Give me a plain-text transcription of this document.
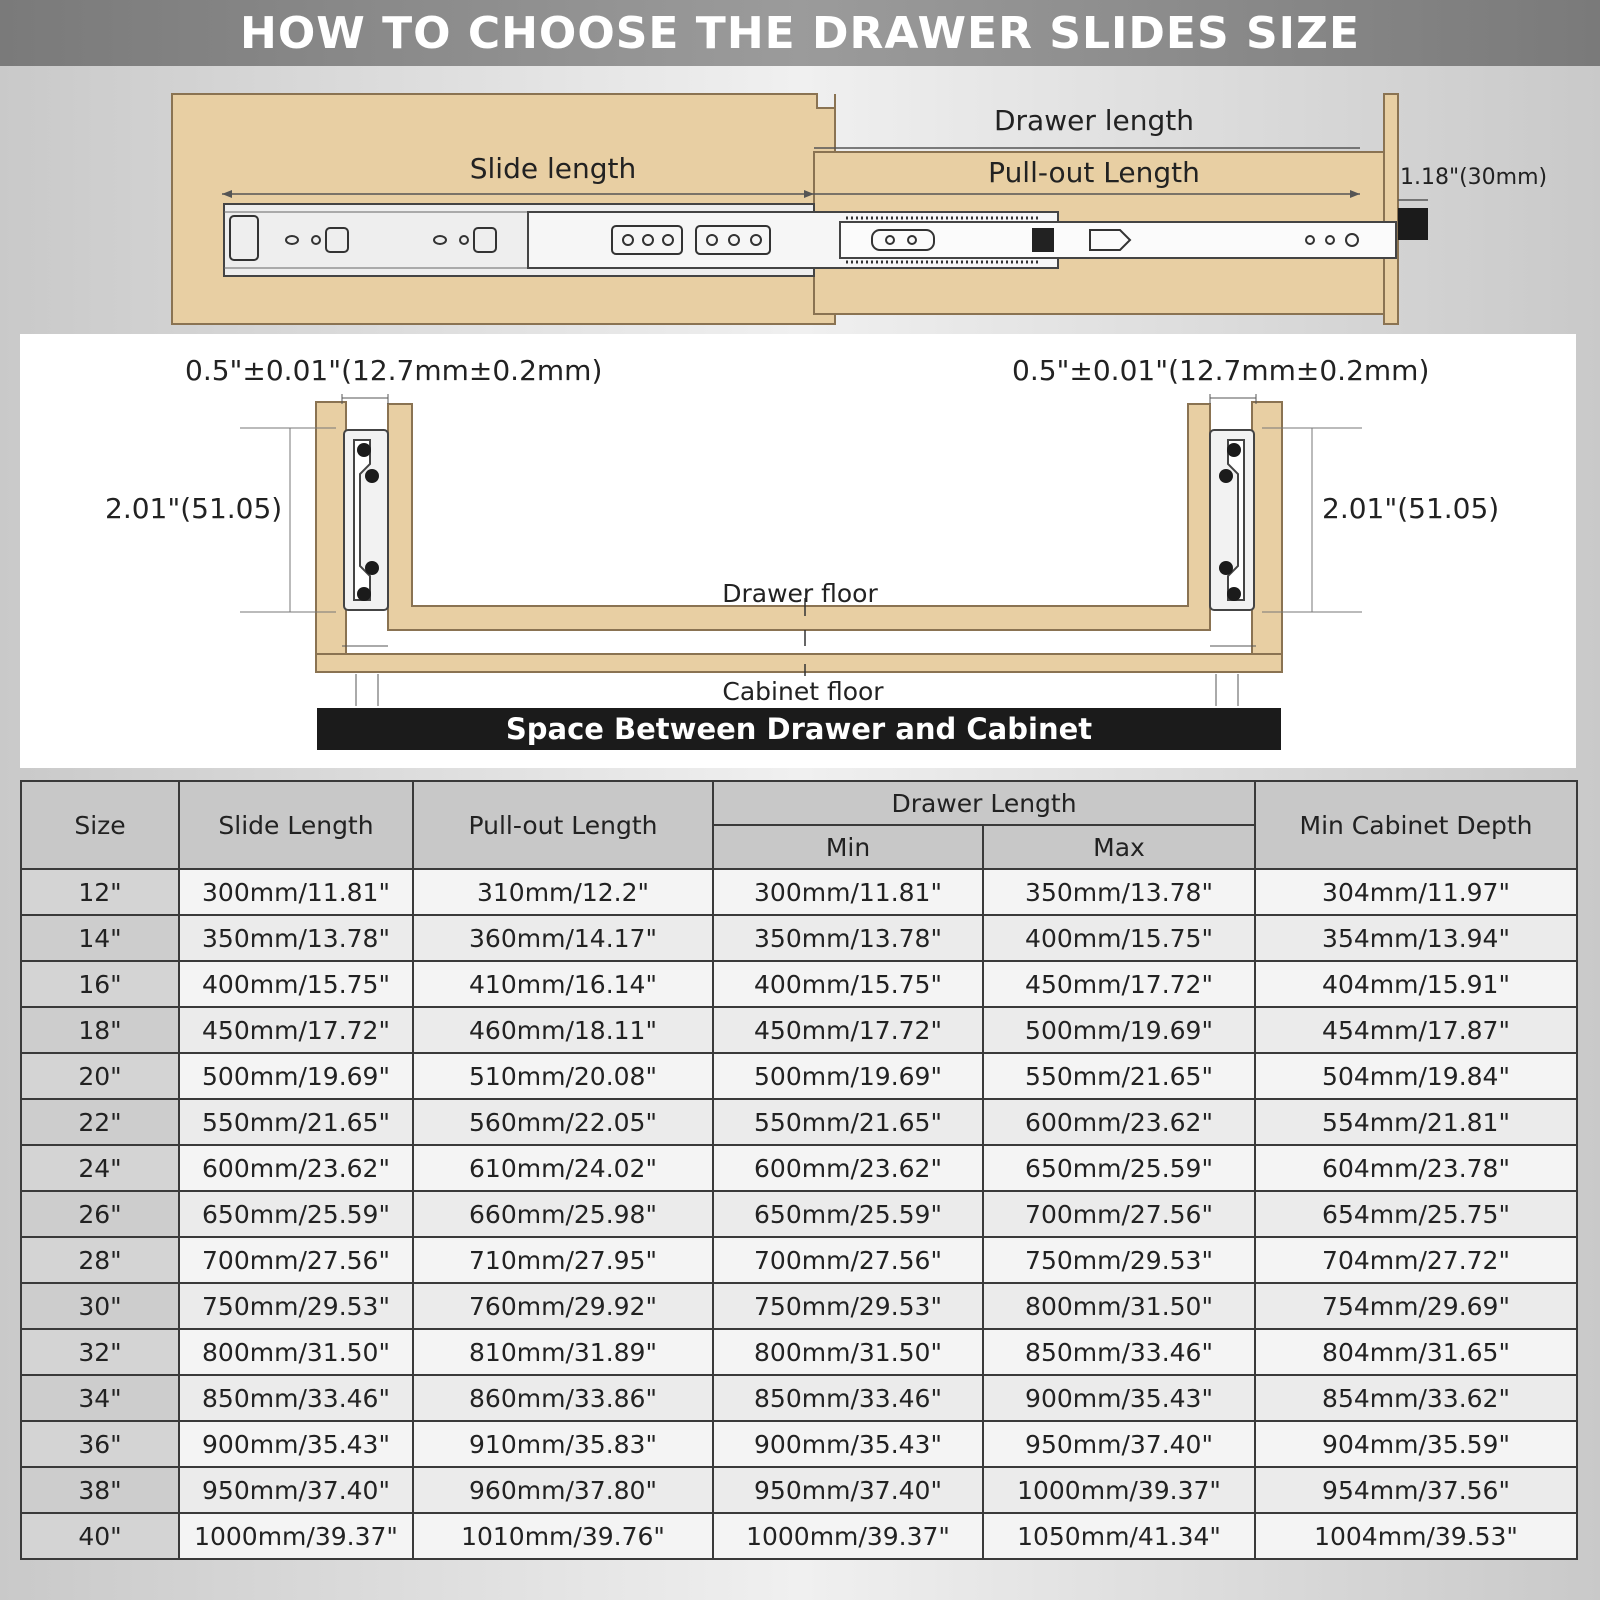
HOW TO CHOOSE THE DRAWER SLIDES SIZE
Drawer length
Slide length	Pull-out Length	1.18"(30mm)
0.5"±0.01"(12.7mm±0.2mm)	0.5"±0.01"(12.7mm±0.2mm)
2.01"(51.05)	2.01"(51.05)
Drawer floor
Cabinet floor
Space Between Drawer and Cabinet
Size	Slide Length	Pull-out Length	Drawer Length		Min Cabinet Depth
			Min	Max	
12"	300mm/11.81"	310mm/12.2"	300mm/11.81"	350mm/13.78"	304mm/11.97"
14"	350mm/13.78"	360mm/14.17"	350mm/13.78"	400mm/15.75"	354mm/13.94"
16"	400mm/15.75"	410mm/16.14"	400mm/15.75"	450mm/17.72"	404mm/15.91"
18"	450mm/17.72"	460mm/18.11"	450mm/17.72"	500mm/19.69"	454mm/17.87"
20"	500mm/19.69"	510mm/20.08"	500mm/19.69"	550mm/21.65"	504mm/19.84"
22"	550mm/21.65"	560mm/22.05"	550mm/21.65"	600mm/23.62"	554mm/21.81"
24"	600mm/23.62"	610mm/24.02"	600mm/23.62"	650mm/25.59"	604mm/23.78"
26"	650mm/25.59"	660mm/25.98"	650mm/25.59"	700mm/27.56"	654mm/25.75"
28"	700mm/27.56"	710mm/27.95"	700mm/27.56"	750mm/29.53"	704mm/27.72"
30"	750mm/29.53"	760mm/29.92"	750mm/29.53"	800mm/31.50"	754mm/29.69"
32"	800mm/31.50"	810mm/31.89"	800mm/31.50"	850mm/33.46"	804mm/31.65"
34"	850mm/33.46"	860mm/33.86"	850mm/33.46"	900mm/35.43"	854mm/33.62"
36"	900mm/35.43"	910mm/35.83"	900mm/35.43"	950mm/37.40"	904mm/35.59"
38"	950mm/37.40"	960mm/37.80"	950mm/37.40"	1000mm/39.37"	954mm/37.56"
40"	1000mm/39.37"	1010mm/39.76"	1000mm/39.37"	1050mm/41.34"	1004mm/39.53"
